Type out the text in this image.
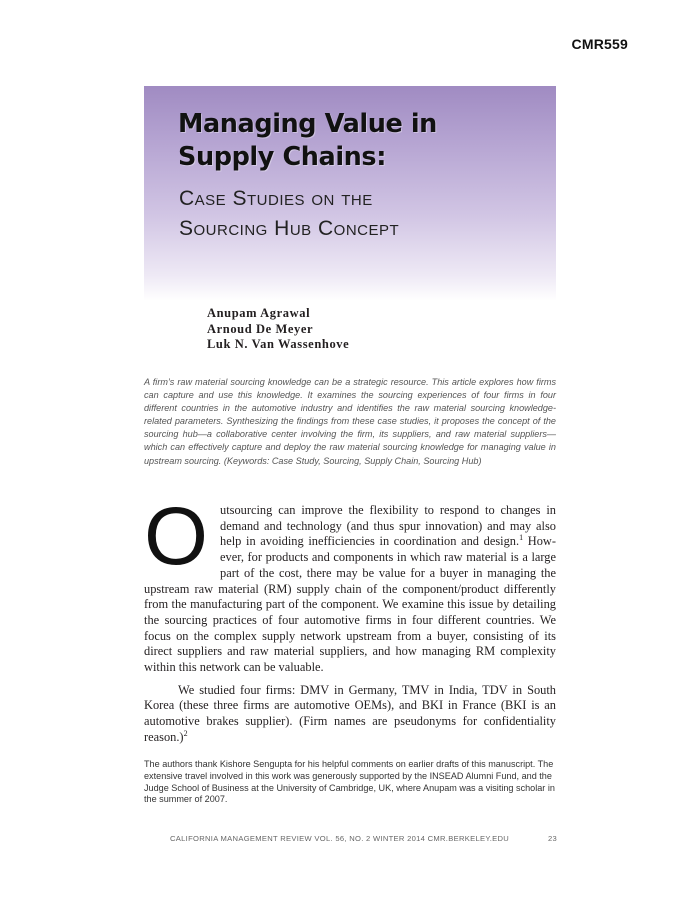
CMR559
Managing Value in
Supply Chains:
Case Studies on the
Sourcing Hub Concept
Anupam Agrawal
Arnoud De Meyer
Luk N. Van Wassenhove

A firm’s raw material sourcing knowledge can be a strategic resource. This article explores how firms can capture and use this knowledge. It examines the sourcing experiences of four firms in four different countries in the automotive industry and identifies the raw material sourcing knowledge-related parameters. Synthesizing the findings from these case studies, it proposes the concept of the sourcing hub—a collaborative center involving the firm, its suppliers, and raw material suppliers—which can effectively capture and deploy the raw material sourcing knowledge for managing value in upstream sourcing. (Keywords: Case Study, Sourcing, Supply Chain, Sourcing Hub)

Outsourcing can improve the flexibility to respond to changes in demand and technology (and thus spur innovation) and may also help in avoiding inefficiencies in coordination and design.$^1$ How-ever, for products and components in which raw material is a large part of the cost, there may be value for a buyer in managing the upstream raw material (RM) supply chain of the component/product differently from the manufacturing part of the component. We examine this issue by detailing the sourcing practices of four automotive firms in four different countries. We focus on the complex supply network upstream from a buyer, consisting of its direct suppliers and raw material suppliers, and how managing RM complexity within this network can be valuable.

We studied four firms: DMV in Germany, TMV in India, TDV in South Korea (these three firms are automotive OEMs), and BKI in France (BKI is an automotive brakes supplier). (Firm names are pseudonyms for confidentiality reason.)$^2$

The authors thank Kishore Sengupta for his helpful comments on earlier drafts of this manuscript. The extensive travel involved in this work was generously supported by the INSEAD Alumni Fund, and the Judge School of Business at the University of Cambridge, UK, where Anupam was a visiting scholar in the summer of 2007.

CALIFORNIA MANAGEMENT REVIEW VOL. 56, NO. 2 WINTER 2014 CMR.BERKELEY.EDU	23
